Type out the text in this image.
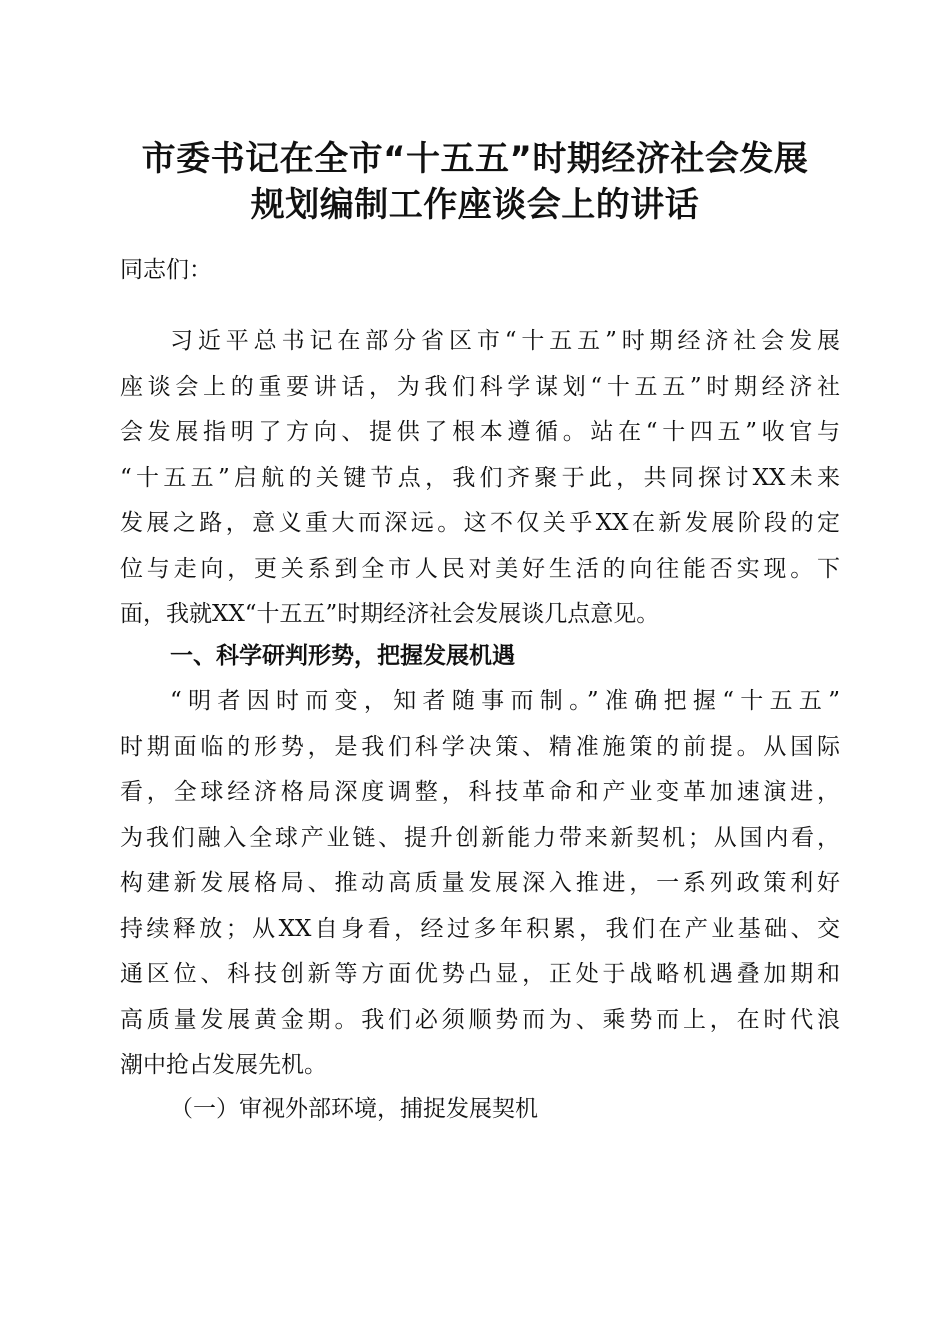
市委书记在全市“十五五”时期经济社会发展
规划编制工作座谈会上的讲话

同志们：

习近平总书记在部分省区市“十五五”时期经济社会发展

座谈会上的重要讲话，为我们科学谋划“十五五”时期经济社

会发展指明了方向、提供了根本遵循。站在“十四五”收官与

“十五五”启航的关键节点，我们齐聚于此，共同探讨XX未来

发展之路，意义重大而深远。这不仅关乎XX在新发展阶段的定

位与走向，更关系到全市人民对美好生活的向往能否实现。下

面，我就XX“十五五”时期经济社会发展谈几点意见。

一、科学研判形势，把握发展机遇

“明者因时而变，知者随事而制。”准确把握“十五五”

时期面临的形势，是我们科学决策、精准施策的前提。从国际

看，全球经济格局深度调整，科技革命和产业变革加速演进，

为我们融入全球产业链、提升创新能力带来新契机；从国内看，

构建新发展格局、推动高质量发展深入推进，一系列政策利好

持续释放；从XX自身看，经过多年积累，我们在产业基础、交

通区位、科技创新等方面优势凸显，正处于战略机遇叠加期和

高质量发展黄金期。我们必须顺势而为、乘势而上，在时代浪

潮中抢占发展先机。

（一）审视外部环境，捕捉发展契机
